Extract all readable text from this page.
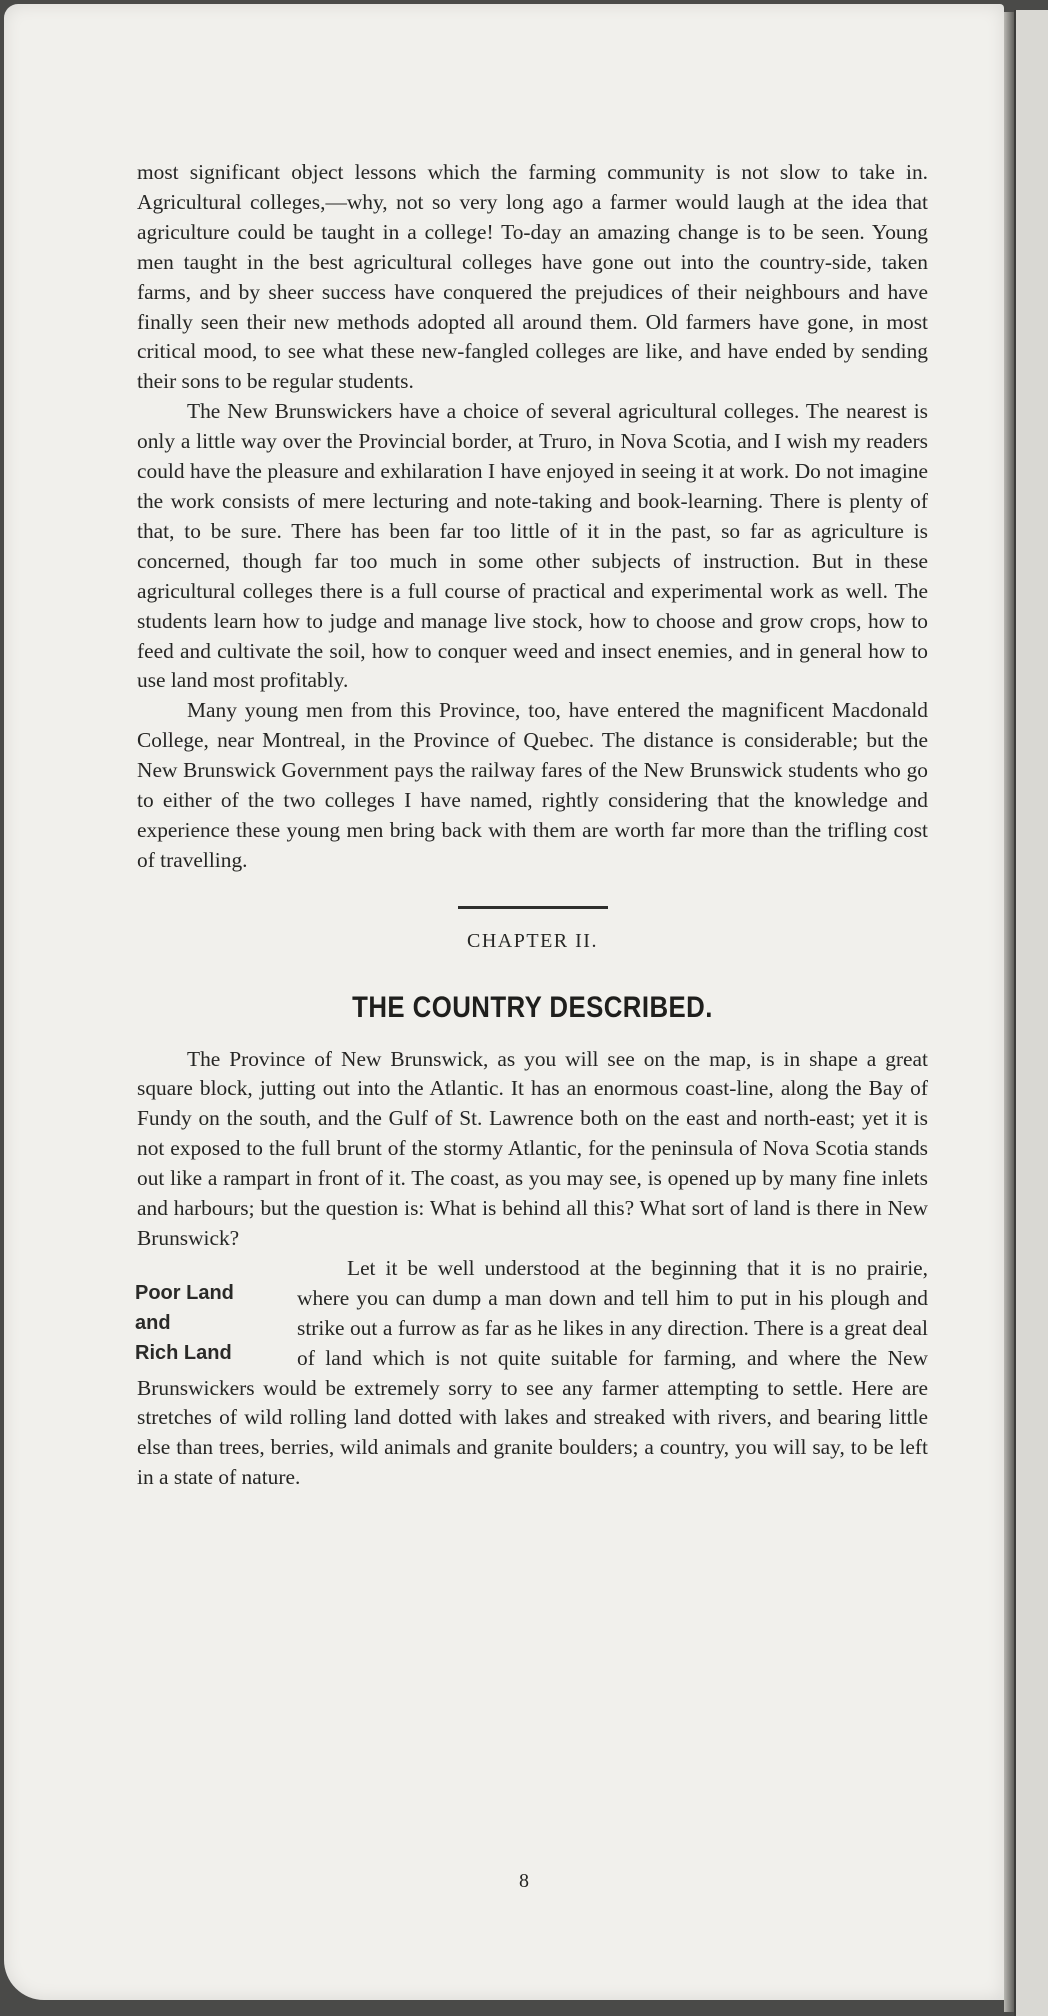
most significant object lessons which the farming community is not slow to take in. Agricultural colleges,—why, not so very long ago a farmer would laugh at the idea that agriculture could be taught in a college! To-day an amazing change is to be seen. Young men taught in the best agricultural colleges have gone out into the country-side, taken farms, and by sheer success have conquered the prejudices of their neighbours and have finally seen their new methods adopted all around them. Old farmers have gone, in most critical mood, to see what these new-fangled colleges are like, and have ended by sending their sons to be regular students.

The New Brunswickers have a choice of several agricultural colleges. The nearest is only a little way over the Provincial border, at Truro, in Nova Scotia, and I wish my readers could have the pleasure and exhilaration I have enjoyed in seeing it at work. Do not imagine the work consists of mere lecturing and note-taking and book-learning. There is plenty of that, to be sure. There has been far too little of it in the past, so far as agriculture is concerned, though far too much in some other subjects of instruction. But in these agricultural colleges there is a full course of practical and experimental work as well. The students learn how to judge and manage live stock, how to choose and grow crops, how to feed and cultivate the soil, how to conquer weed and insect enemies, and in general how to use land most profitably.

Many young men from this Province, too, have entered the magnificent Macdonald College, near Montreal, in the Province of Quebec. The distance is considerable; but the New Brunswick Government pays the railway fares of the New Brunswick students who go to either of the two colleges I have named, rightly considering that the knowledge and experience these young men bring back with them are worth far more than the trifling cost of travelling.

CHAPTER II.

THE COUNTRY DESCRIBED.

The Province of New Brunswick, as you will see on the map, is in shape a great square block, jutting out into the Atlantic. It has an enormous coast-line, along the Bay of Fundy on the south, and the Gulf of St. Lawrence both on the east and north-east; yet it is not exposed to the full brunt of the stormy Atlantic, for the peninsula of Nova Scotia stands out like a rampart in front of it. The coast, as you may see, is opened up by many fine inlets and harbours; but the question is: What is behind all this? What sort of land is there in New Brunswick?

Poor Land
and
Rich Land

Let it be well understood at the beginning that it is no prairie, where you can dump a man down and tell him to put in his plough and strike out a furrow as far as he likes in any direction. There is a great deal of land which is not quite suitable for farming, and where the New Brunswickers would be extremely sorry to see any farmer attempting to settle. Here are stretches of wild rolling land dotted with lakes and streaked with rivers, and bearing little else than trees, berries, wild animals and granite boulders; a country, you will say, to be left in a state of nature.

8
